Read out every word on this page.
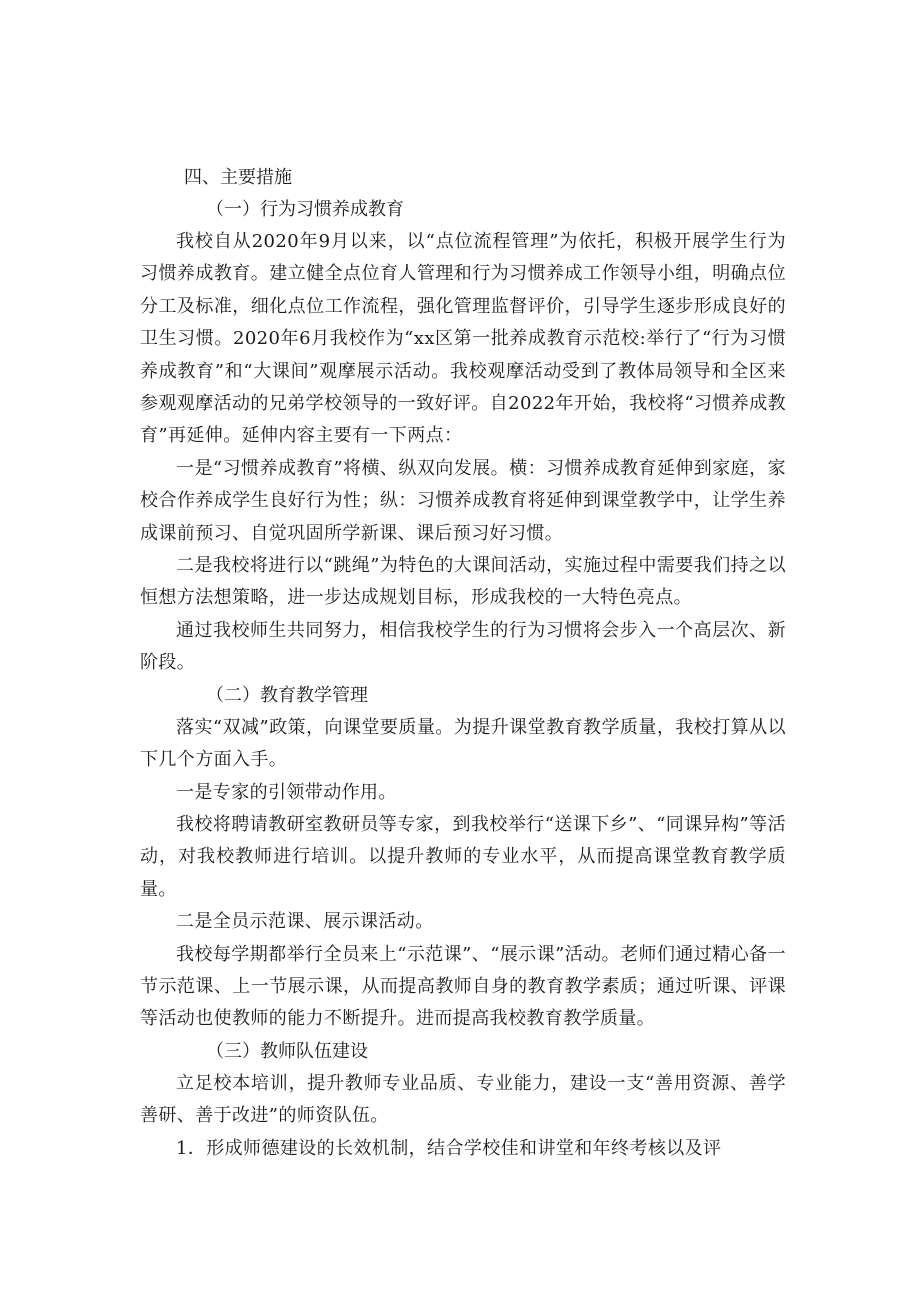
四、主要措施

（一）行为习惯养成教育

我校自从2020年9月以来，以“点位流程管理”为依托，积极开展学生行为习惯养成教育。建立健全点位育人管理和行为习惯养成工作领导小组，明确点位分工及标准，细化点位工作流程，强化管理监督评价，引导学生逐步形成良好的卫生习惯。2020年6月我校作为“xx区第一批养成教育示范校:举行了“行为习惯养成教育”和“大课间”观摩展示活动。我校观摩活动受到了教体局领导和全区来参观观摩活动的兄弟学校领导的一致好评。自2022年开始，我校将“习惯养成教育”再延伸。延伸内容主要有一下两点：

一是“习惯养成教育”将横、纵双向发展。横：习惯养成教育延伸到家庭，家校合作养成学生良好行为性；纵：习惯养成教育将延伸到课堂教学中，让学生养成课前预习、自觉巩固所学新课、课后预习好习惯。

二是我校将进行以“跳绳”为特色的大课间活动，实施过程中需要我们持之以恒想方法想策略，进一步达成规划目标，形成我校的一大特色亮点。

通过我校师生共同努力，相信我校学生的行为习惯将会步入一个高层次、新阶段。

（二）教育教学管理

落实“双减”政策，向课堂要质量。为提升课堂教育教学质量，我校打算从以下几个方面入手。

一是专家的引领带动作用。

我校将聘请教研室教研员等专家，到我校举行“送课下乡”、“同课异构”等活动，对我校教师进行培训。以提升教师的专业水平，从而提高课堂教育教学质量。

二是全员示范课、展示课活动。

我校每学期都举行全员来上“示范课”、“展示课”活动。老师们通过精心备一节示范课、上一节展示课，从而提高教师自身的教育教学素质；通过听课、评课等活动也使教师的能力不断提升。进而提高我校教育教学质量。

（三）教师队伍建设

立足校本培训，提升教师专业品质、专业能力，建设一支“善用资源、善学善研、善于改进”的师资队伍。

1．形成师德建设的长效机制，结合学校佳和讲堂和年终考核以及评
